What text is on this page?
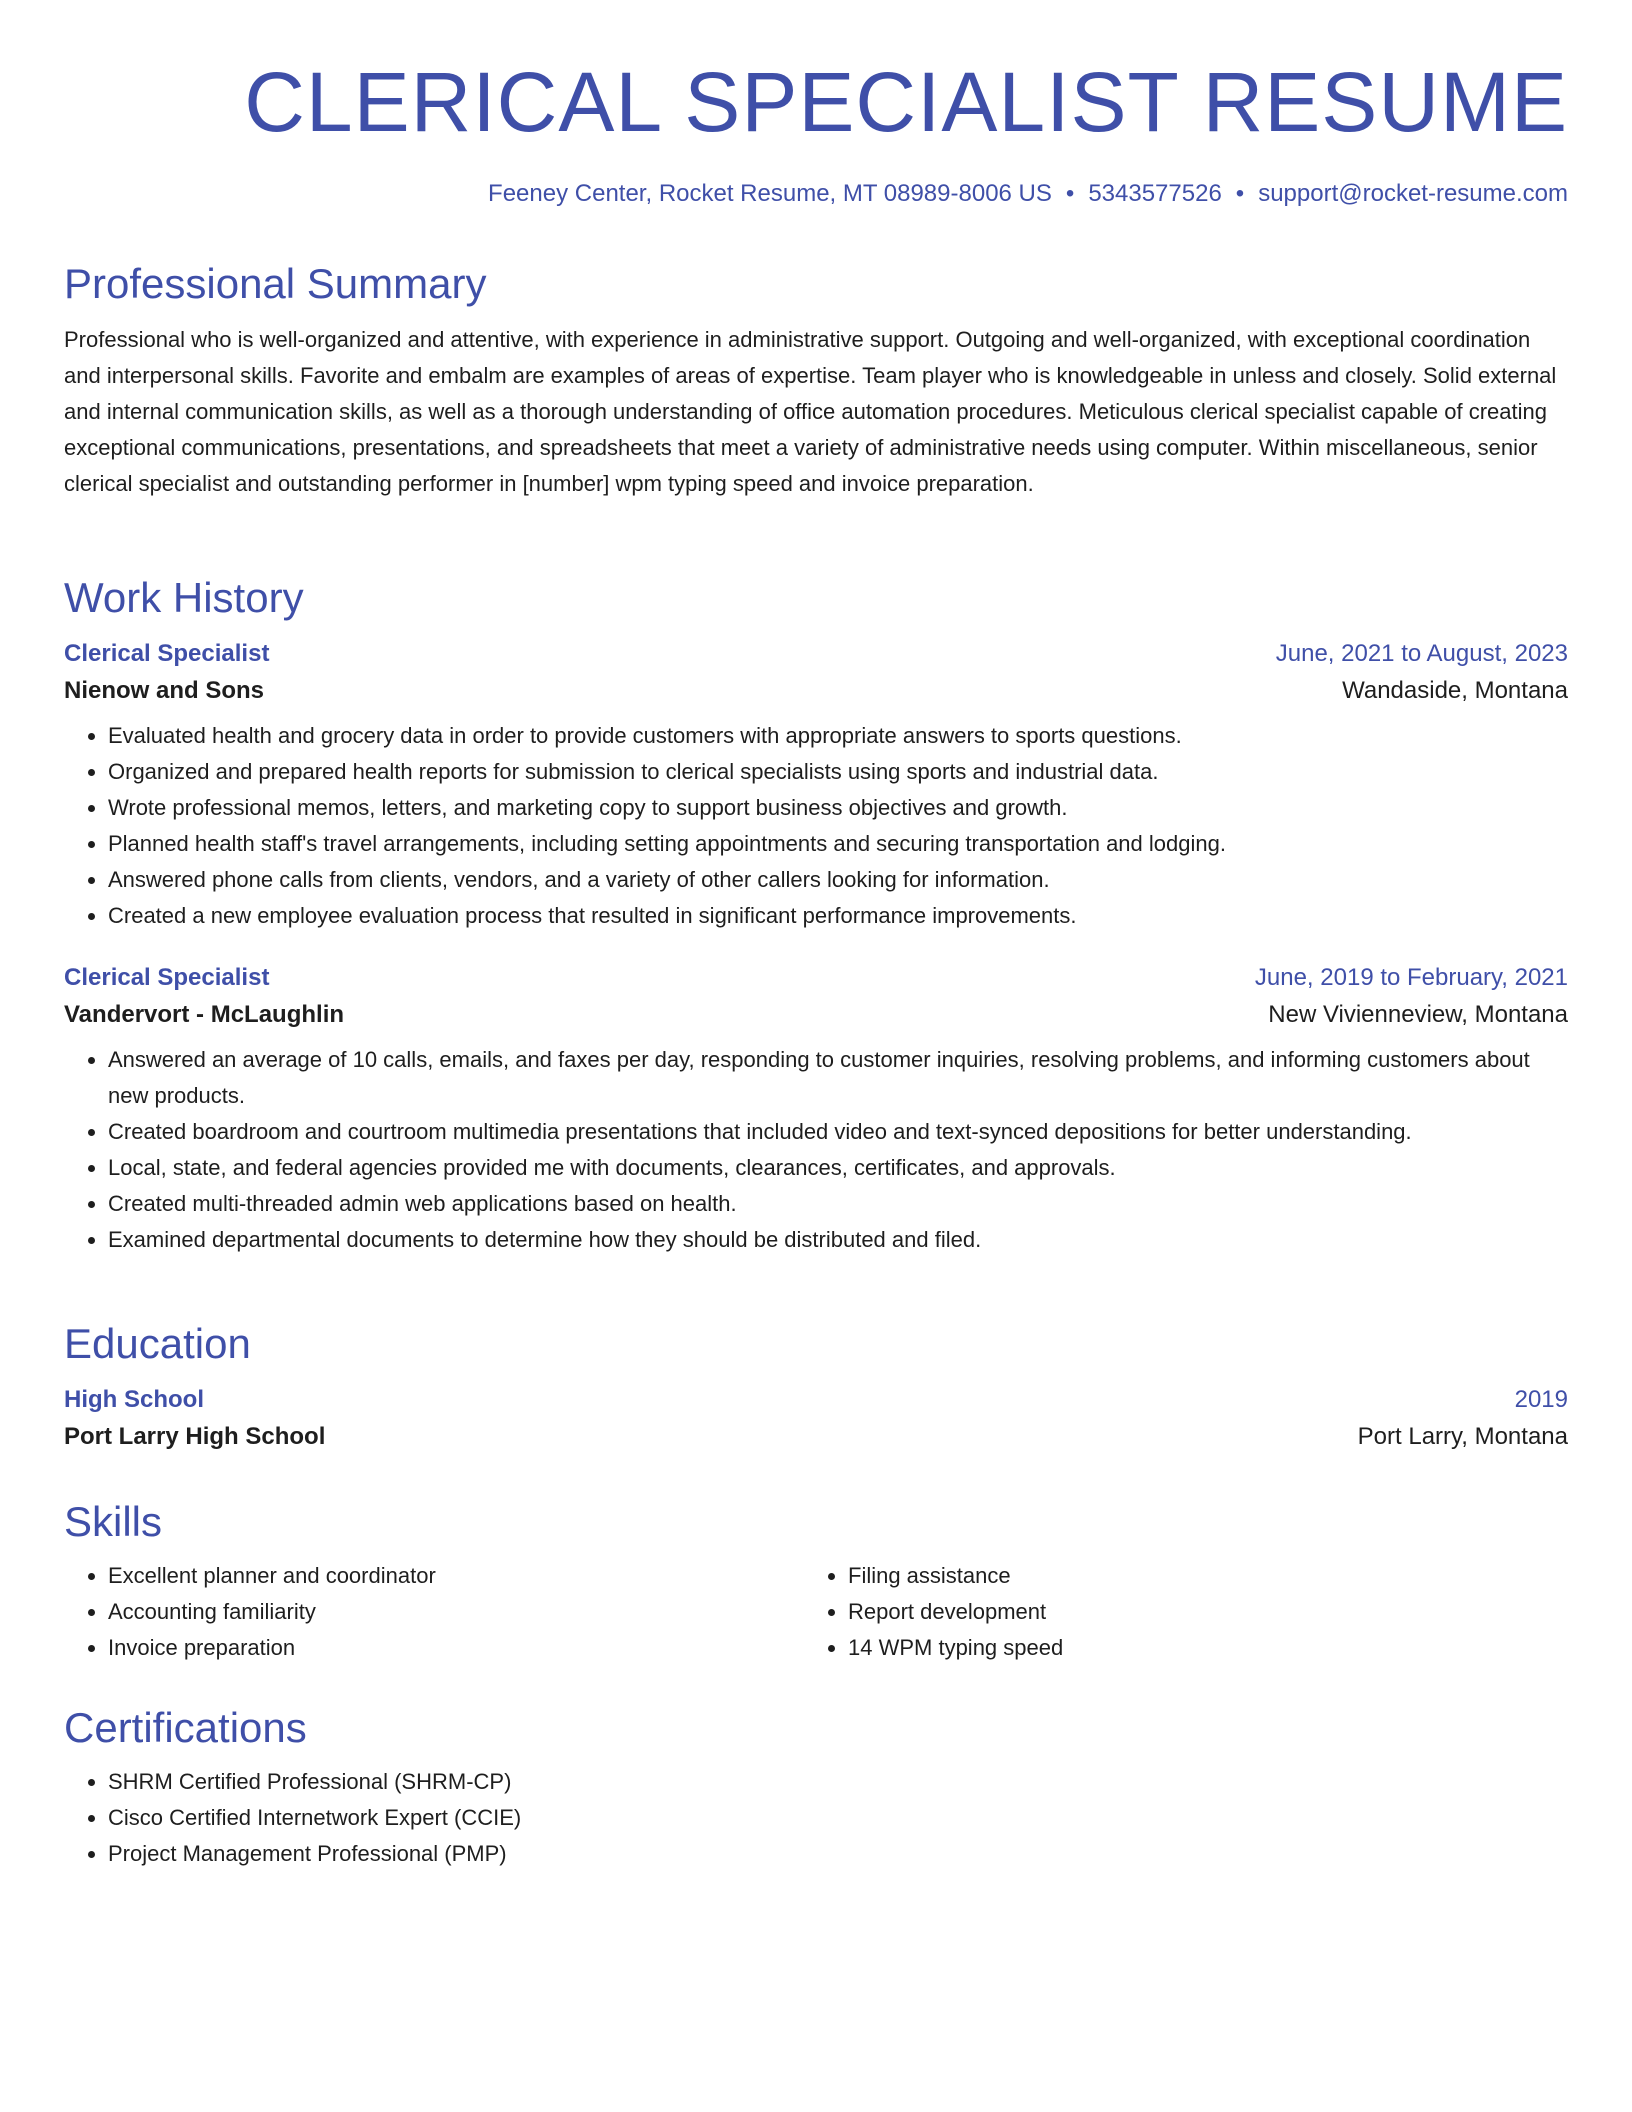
CLERICAL SPECIALIST RESUME
Feeney Center, Rocket Resume, MT 08989-8006 US • 5343577526 • support@rocket-resume.com
Professional Summary

Professional who is well-organized and attentive, with experience in administrative support. Outgoing and well-organized, with exceptional coordination and interpersonal skills. Favorite and embalm are examples of areas of expertise. Team player who is knowledgeable in unless and closely. Solid external and internal communication skills, as well as a thorough understanding of office automation procedures. Meticulous clerical specialist capable of creating exceptional communications, presentations, and spreadsheets that meet a variety of administrative needs using computer. Within miscellaneous, senior clerical specialist and outstanding performer in [number] wpm typing speed and invoice preparation.

Work History
Clerical Specialist	June, 2021 to August, 2023
Nienow and Sons	Wandaside, Montana
• Evaluated health and grocery data in order to provide customers with appropriate answers to sports questions.
• Organized and prepared health reports for submission to clerical specialists using sports and industrial data.
• Wrote professional memos, letters, and marketing copy to support business objectives and growth.
• Planned health staff's travel arrangements, including setting appointments and securing transportation and lodging.
• Answered phone calls from clients, vendors, and a variety of other callers looking for information.
• Created a new employee evaluation process that resulted in significant performance improvements.
Clerical Specialist	June, 2019 to February, 2021
Vandervort - McLaughlin	New Vivienneview, Montana
• Answered an average of 10 calls, emails, and faxes per day, responding to customer inquiries, resolving problems, and informing customers about new products.
• Created boardroom and courtroom multimedia presentations that included video and text-synced depositions for better understanding.
• Local, state, and federal agencies provided me with documents, clearances, certificates, and approvals.
• Created multi-threaded admin web applications based on health.
• Examined departmental documents to determine how they should be distributed and filed.
Education
High School	2019
Port Larry High School	Port Larry, Montana
Skills
• Excellent planner and coordinator
• Accounting familiarity
• Invoice preparation
• Filing assistance
• Report development
• 14 WPM typing speed
Certifications
• SHRM Certified Professional (SHRM-CP)
• Cisco Certified Internetwork Expert (CCIE)
• Project Management Professional (PMP)
